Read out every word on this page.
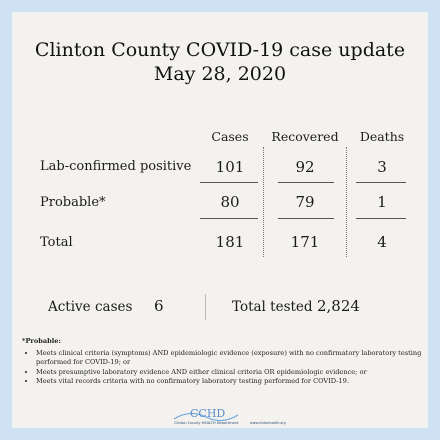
Clinton County COVID-19 case update
May 28, 2020
Cases	Recovered	Deaths
Lab-confirmed positive	101	92	3
Probable*	80	79	1
Total	181	171	4
Active cases 6	Total tested 2,824
*Probable:
• Meets clinical criteria (symptoms) AND epidemiologic evidence (exposure) with no confirmatory laboratory testing performed for COVID-19; or
• Meets presumptive laboratory evidence AND either clinical criteria OR epidemiologic evidence; or
• Meets vital records criteria with no confirmatory laboratory testing performed for COVID-19.
CCHD
Clinton County HEALTH Department	www.clintonhealth.org
